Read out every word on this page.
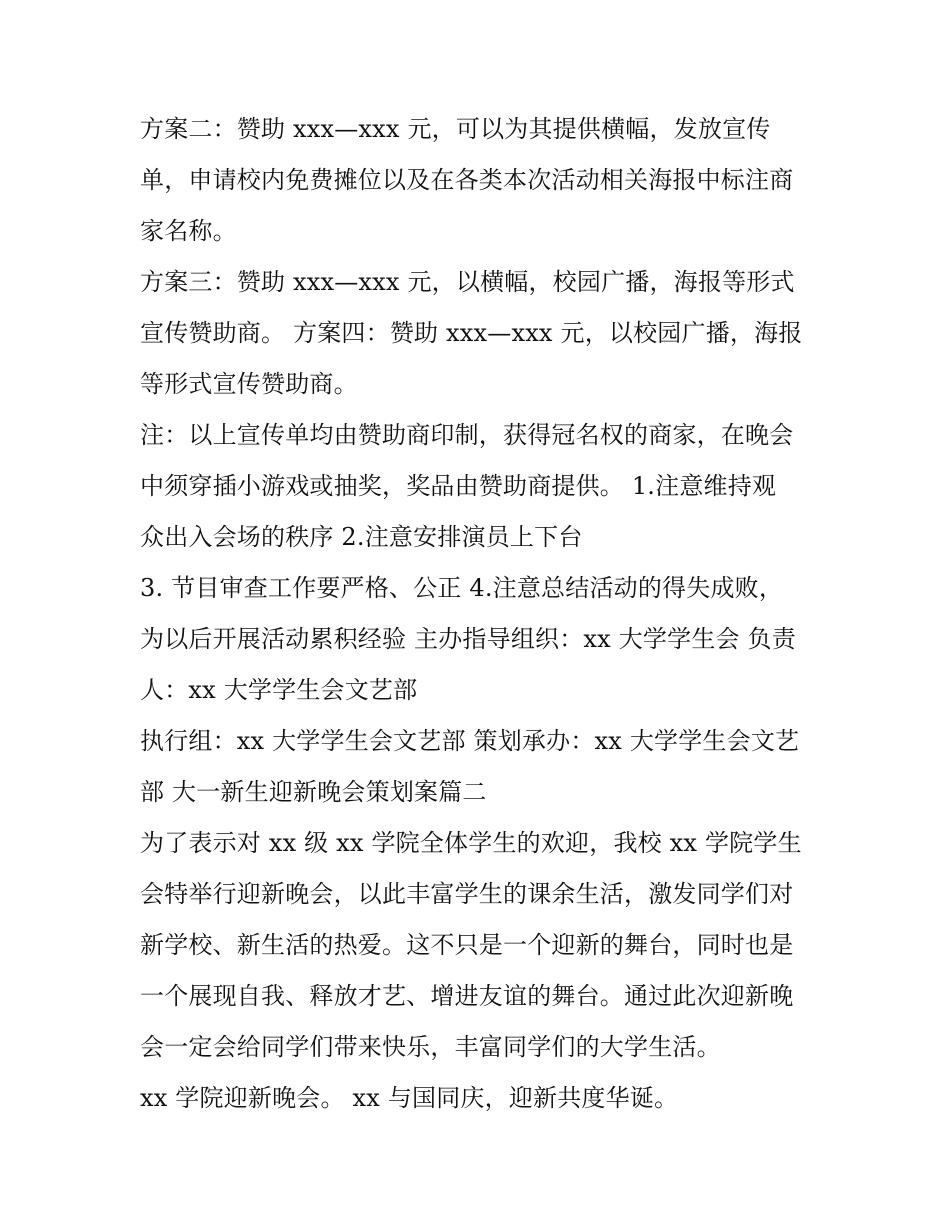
方案二：赞助 xxx—xxx 元，可以为其提供横幅，发放宣传
单，申请校内免费摊位以及在各类本次活动相关海报中标注商
家名称。
方案三：赞助 xxx—xxx 元，以横幅，校园广播，海报等形式
宣传赞助商。 方案四：赞助 xxx—xxx 元，以校园广播，海报
等形式宣传赞助商。
注：以上宣传单均由赞助商印制，获得冠名权的商家，在晚会
中须穿插小游戏或抽奖，奖品由赞助商提供。 1.注意维持观
众出入会场的秩序 2.注意安排演员上下台
3. 节目审查工作要严格、公正 4.注意总结活动的得失成败，
为以后开展活动累积经验 主办指导组织：xx 大学学生会 负责
人：xx 大学学生会文艺部
执行组：xx 大学学生会文艺部 策划承办：xx 大学学生会文艺
部 大一新生迎新晚会策划案篇二
为了表示对 xx 级 xx 学院全体学生的欢迎，我校 xx 学院学生
会特举行迎新晚会，以此丰富学生的课余生活，激发同学们对
新学校、新生活的热爱。这不只是一个迎新的舞台，同时也是
一个展现自我、释放才艺、增进友谊的舞台。通过此次迎新晚
会一定会给同学们带来快乐，丰富同学们的大学生活。
xx 学院迎新晚会。 xx 与国同庆，迎新共度华诞。
